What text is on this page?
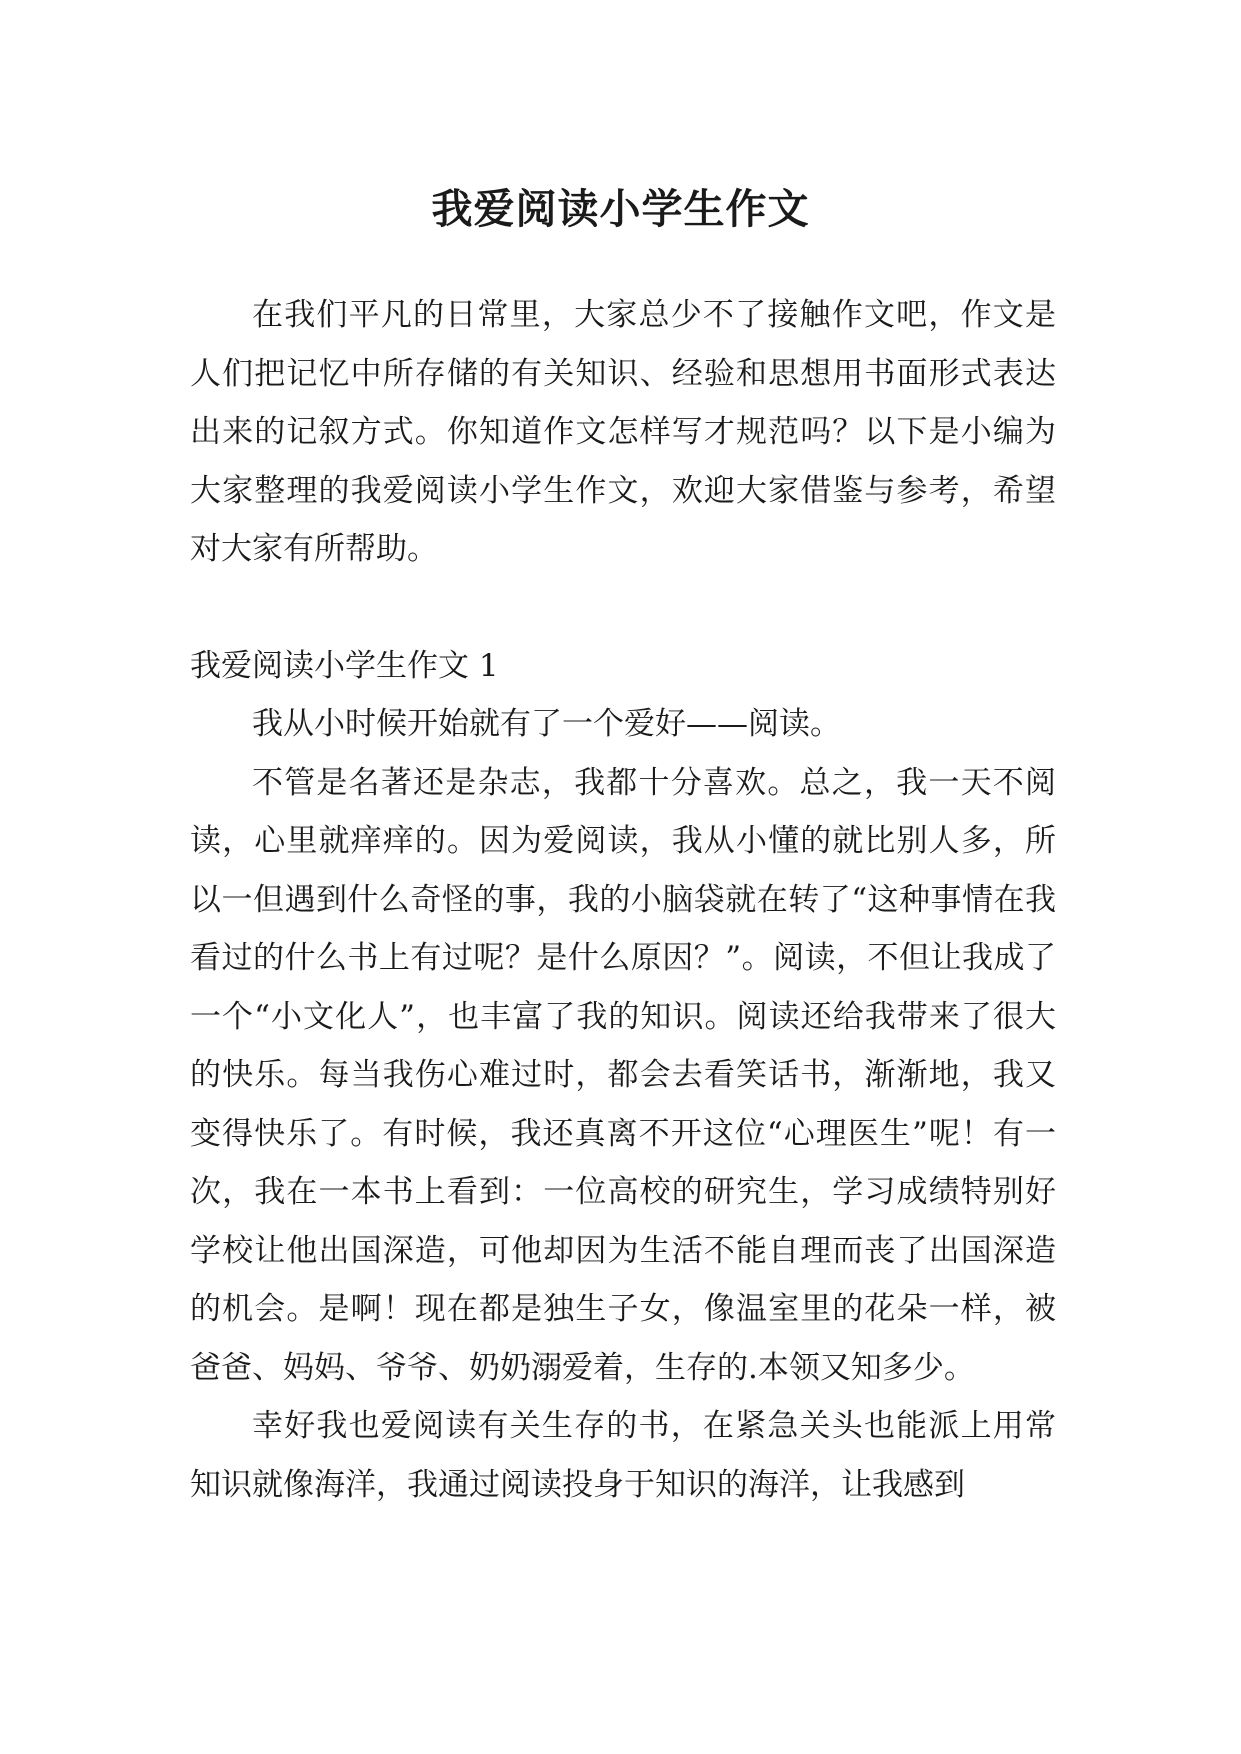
我爱阅读小学生作文

在我们平凡的日常里，大家总少不了接触作文吧，作文是人们把记忆中所存储的有关知识、经验和思想用书面形式表达出来的记叙方式。你知道作文怎样写才规范吗？以下是小编为大家整理的我爱阅读小学生作文，欢迎大家借鉴与参考，希望对大家有所帮助。

我爱阅读小学生作文 1

我从小时候开始就有了一个爱好——阅读。

不管是名著还是杂志，我都十分喜欢。总之，我一天不阅读，心里就痒痒的。因为爱阅读，我从小懂的就比别人多，所以一但遇到什么奇怪的事，我的小脑袋就在转了“这种事情在我看过的什么书上有过呢？是什么原因？”。阅读，不但让我成了一个“小文化人”，也丰富了我的知识。阅读还给我带来了很大的快乐。每当我伤心难过时，都会去看笑话书，渐渐地，我又变得快乐了。有时候，我还真离不开这位“心理医生”呢！有一次，我在一本书上看到：一位高校的研究生，学习成绩特别好学校让他出国深造，可他却因为生活不能自理而丧了出国深造的机会。是啊！现在都是独生子女，像温室里的花朵一样，被爸爸、妈妈、爷爷、奶奶溺爱着，生存的.本领又知多少。

幸好我也爱阅读有关生存的书，在紧急关头也能派上用常知识就像海洋，我通过阅读投身于知识的海洋，让我感到
